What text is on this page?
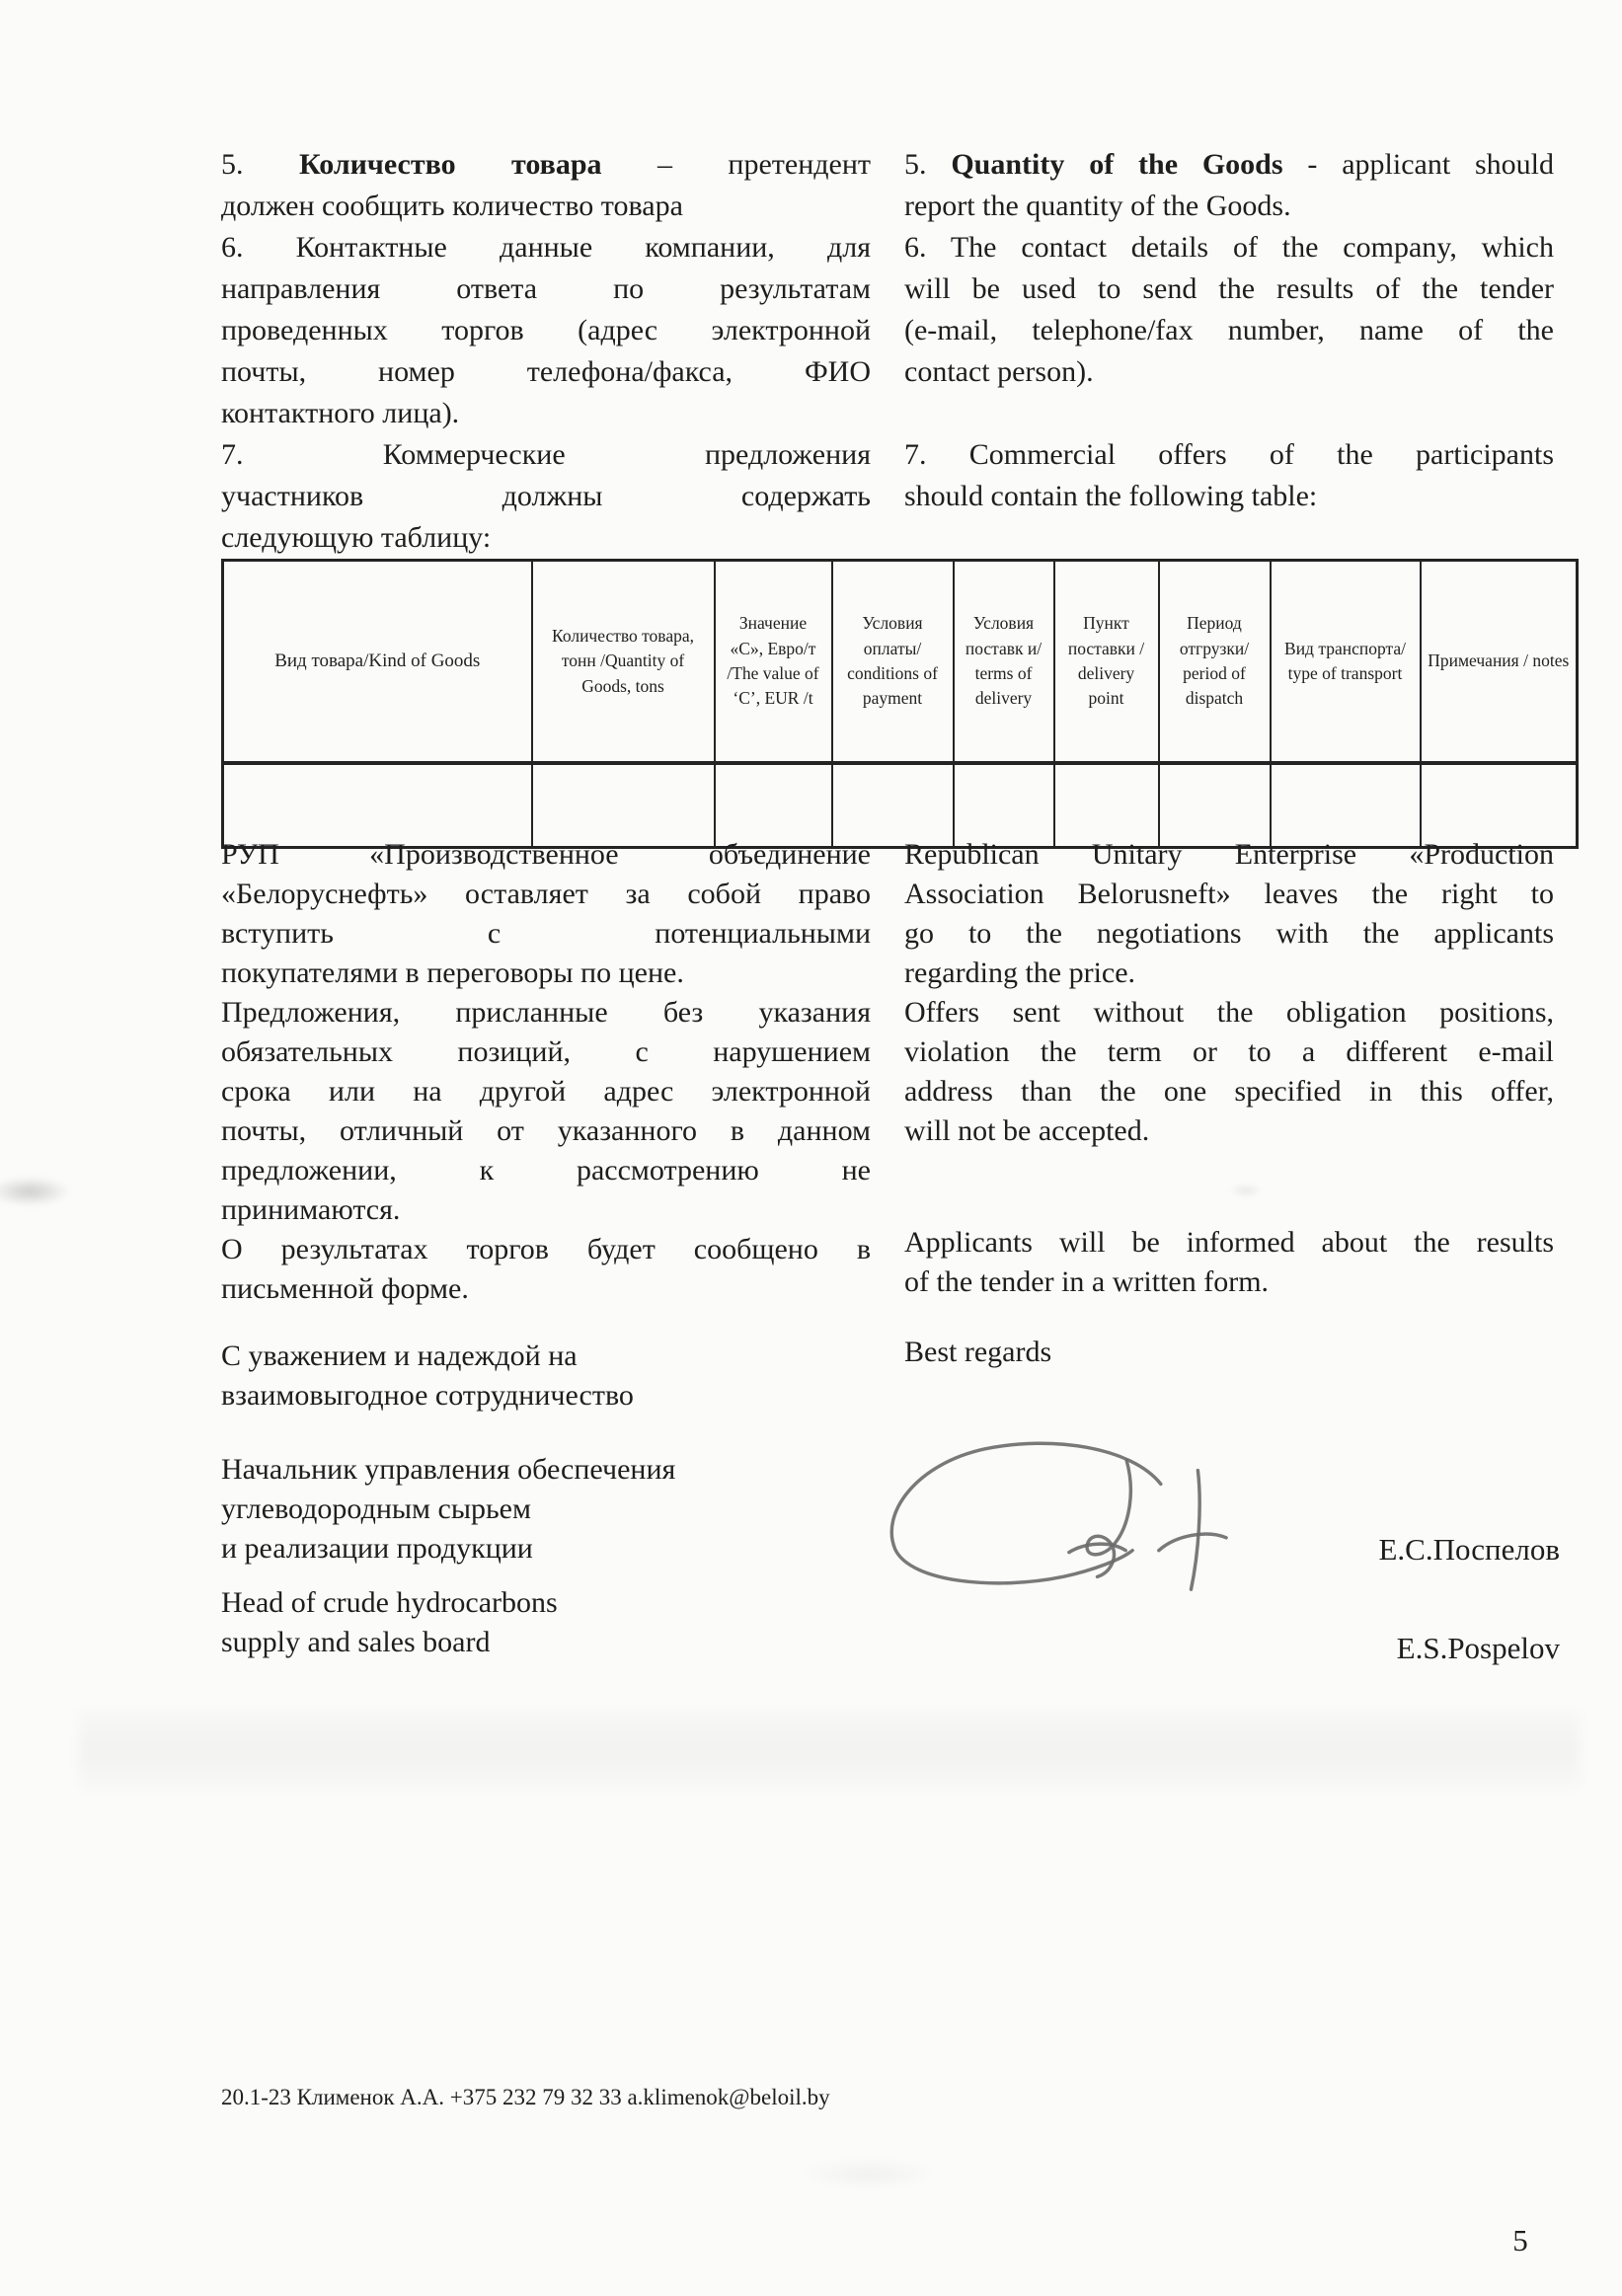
5. Количество товара – претендент
должен сообщить количество товара
6. Контактные данные компании, для
направления ответа по результатам
проведенных торгов (адрес электронной
почты, номер телефона/факса, ФИО
контактного лица).
7. Коммерческие предложения
участников должны содержать
следующую таблицу:
5. Quantity of the Goods - applicant should
report the quantity of the Goods.
6. The contact details of the company, which
will be used to send the results of the tender
(e-mail, telephone/fax number, name of the
contact person).

7. Commercial offers of the participants
should contain the following table:
Вид товара/Kind of Goods	Количество товара, тонн /Quantity of Goods, tons	Значение «С», Евро/т /The value of ‘С’, EUR /t	Условия оплаты/ conditions of payment	Условия поставк и/ terms of delivery	Пункт поставки / delivery point	Период отгрузки/ period of dispatch	Вид транспорта/ type of transport	Примечания / notes

РУП «Производственное объединение
«Белоруснефть» оставляет за собой право
вступить с потенциальными
покупателями в переговоры по цене.
Предложения, присланные без указания
обязательных позиций, с нарушением
срока или на другой адрес электронной
почты, отличный от указанного в данном
предложении, к рассмотрению не
принимаются.
О результатах торгов будет сообщено в
письменной форме.
С уважением и надеждой на
взаимовыгодное сотрудничество
Начальник управления обеспечения
углеводородным сырьем
и реализации продукции
Head of crude hydrocarbons
supply and sales board
Republican Unitary Enterprise «Production
Association Belorusneft» leaves the right to
go to the negotiations with the applicants
regarding the price.
Offers sent without the obligation positions,
violation the term or to a different e-mail
address than the one specified in this offer,
will not be accepted.
Applicants will be informed about the results
of the tender in a written form.
Best regards
Е.С.Поспелов
E.S.Pospelov
20.1-23 Клименок А.А. +375 232 79 32 33 a.klimenok@beloil.by
5
